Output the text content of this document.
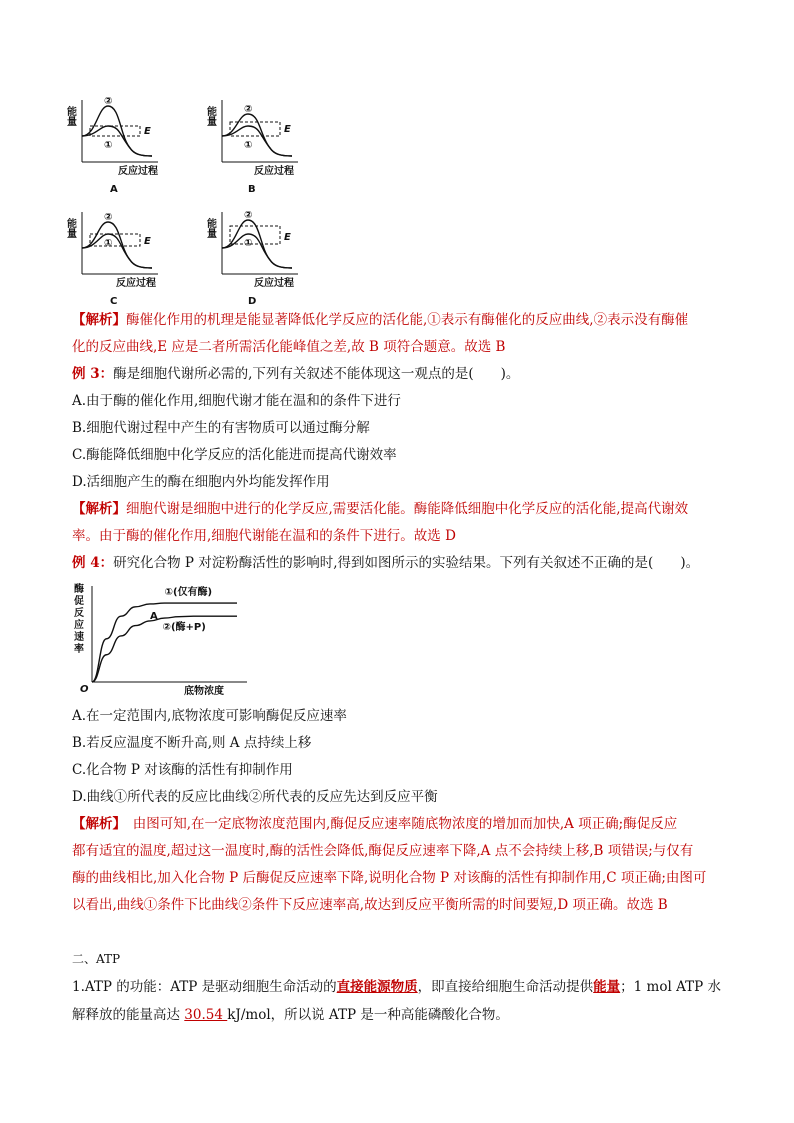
能量
②
①
E
反应过程
A
能量	②
①
E
反应过程
B
能量
②
①	E
反应过程
C
能量
②
①
E
反应过程
D
【解析】酶催化作用的机理是能显著降低化学反应的活化能,①表示有酶催化的反应曲线,②表示没有酶催
化的反应曲线,E 应是二者所需活化能峰值之差,故 B 项符合题意。故选 B
例 3：酶是细胞代谢所必需的,下列有关叙述不能体现这一观点的是(　　)。
A.由于酶的催化作用,细胞代谢才能在温和的条件下进行
B.细胞代谢过程中产生的有害物质可以通过酶分解
C.酶能降低细胞中化学反应的活化能进而提高代谢效率
D.活细胞产生的酶在细胞内外均能发挥作用
【解析】细胞代谢是细胞中进行的化学反应,需要活化能。酶能降低细胞中化学反应的活化能,提高代谢效
率。由于酶的催化作用,细胞代谢能在温和的条件下进行。故选 D
例 4：研究化合物 P 对淀粉酶活性的影响时,得到如图所示的实验结果。下列有关叙述不正确的是(　　)。
酶
促
反
应
速
率
O	底物浓度
A
①(仅有酶)
②(酶+P)
A.在一定范围内,底物浓度可影响酶促反应速率
B.若反应温度不断升高,则 A 点持续上移
C.化合物 P 对该酶的活性有抑制作用
D.曲线①所代表的反应比曲线②所代表的反应先达到反应平衡
【解析】　由图可知,在一定底物浓度范围内,酶促反应速率随底物浓度的增加而加快,A 项正确;酶促反应
都有适宜的温度,超过这一温度时,酶的活性会降低,酶促反应速率下降,A 点不会持续上移,B 项错误;与仅有
酶的曲线相比,加入化合物 P 后酶促反应速率下降,说明化合物 P 对该酶的活性有抑制作用,C 项正确;由图可
以看出,曲线①条件下比曲线②条件下反应速率高,故达到反应平衡所需的时间要短,D 项正确。故选 B
二、ATP
1.ATP 的功能：ATP 是驱动细胞生命活动的直接能源物质，即直接给细胞生命活动提供能量；1 mol ATP 水
解释放的能量高达 30.54 kJ/mol，所以说 ATP 是一种高能磷酸化合物。
